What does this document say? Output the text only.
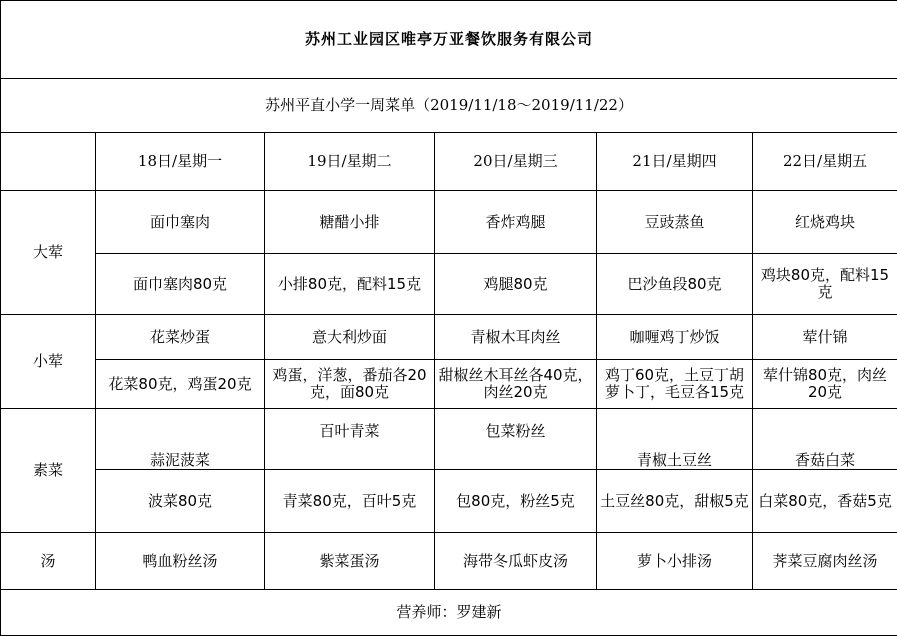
苏州工业园区唯亭万亚餐饮服务有限公司					
苏州平直小学一周菜单（2019/11/18～2019/11/22）					
	18日/星期一	19日/星期二	20日/星期三	21日/星期四	22日/星期五
大荤	面巾塞肉	糖醋小排	香炸鸡腿	豆豉蒸鱼	红烧鸡块
	面巾塞肉80克	小排80克，配料15克	鸡腿80克	巴沙鱼段80克	鸡块80克，配料15克
小荤	花菜炒蛋	意大利炒面	青椒木耳肉丝	咖喱鸡丁炒饭	荤什锦
	花菜80克，鸡蛋20克	鸡蛋，洋葱，番茄各20克，面80克	甜椒丝木耳丝各40克，肉丝20克	鸡丁60克，土豆丁胡萝卜丁，毛豆各15克	荤什锦80克，肉丝20克
素菜	蒜泥菠菜	百叶青菜	包菜粉丝	青椒土豆丝	香菇白菜
	波菜80克	青菜80克，百叶5克	包80克，粉丝5克	土豆丝80克，甜椒5克	白菜80克，香菇5克
汤	鸭血粉丝汤	紫菜蛋汤	海带冬瓜虾皮汤	萝卜小排汤	荠菜豆腐肉丝汤
营养师：罗建新					
